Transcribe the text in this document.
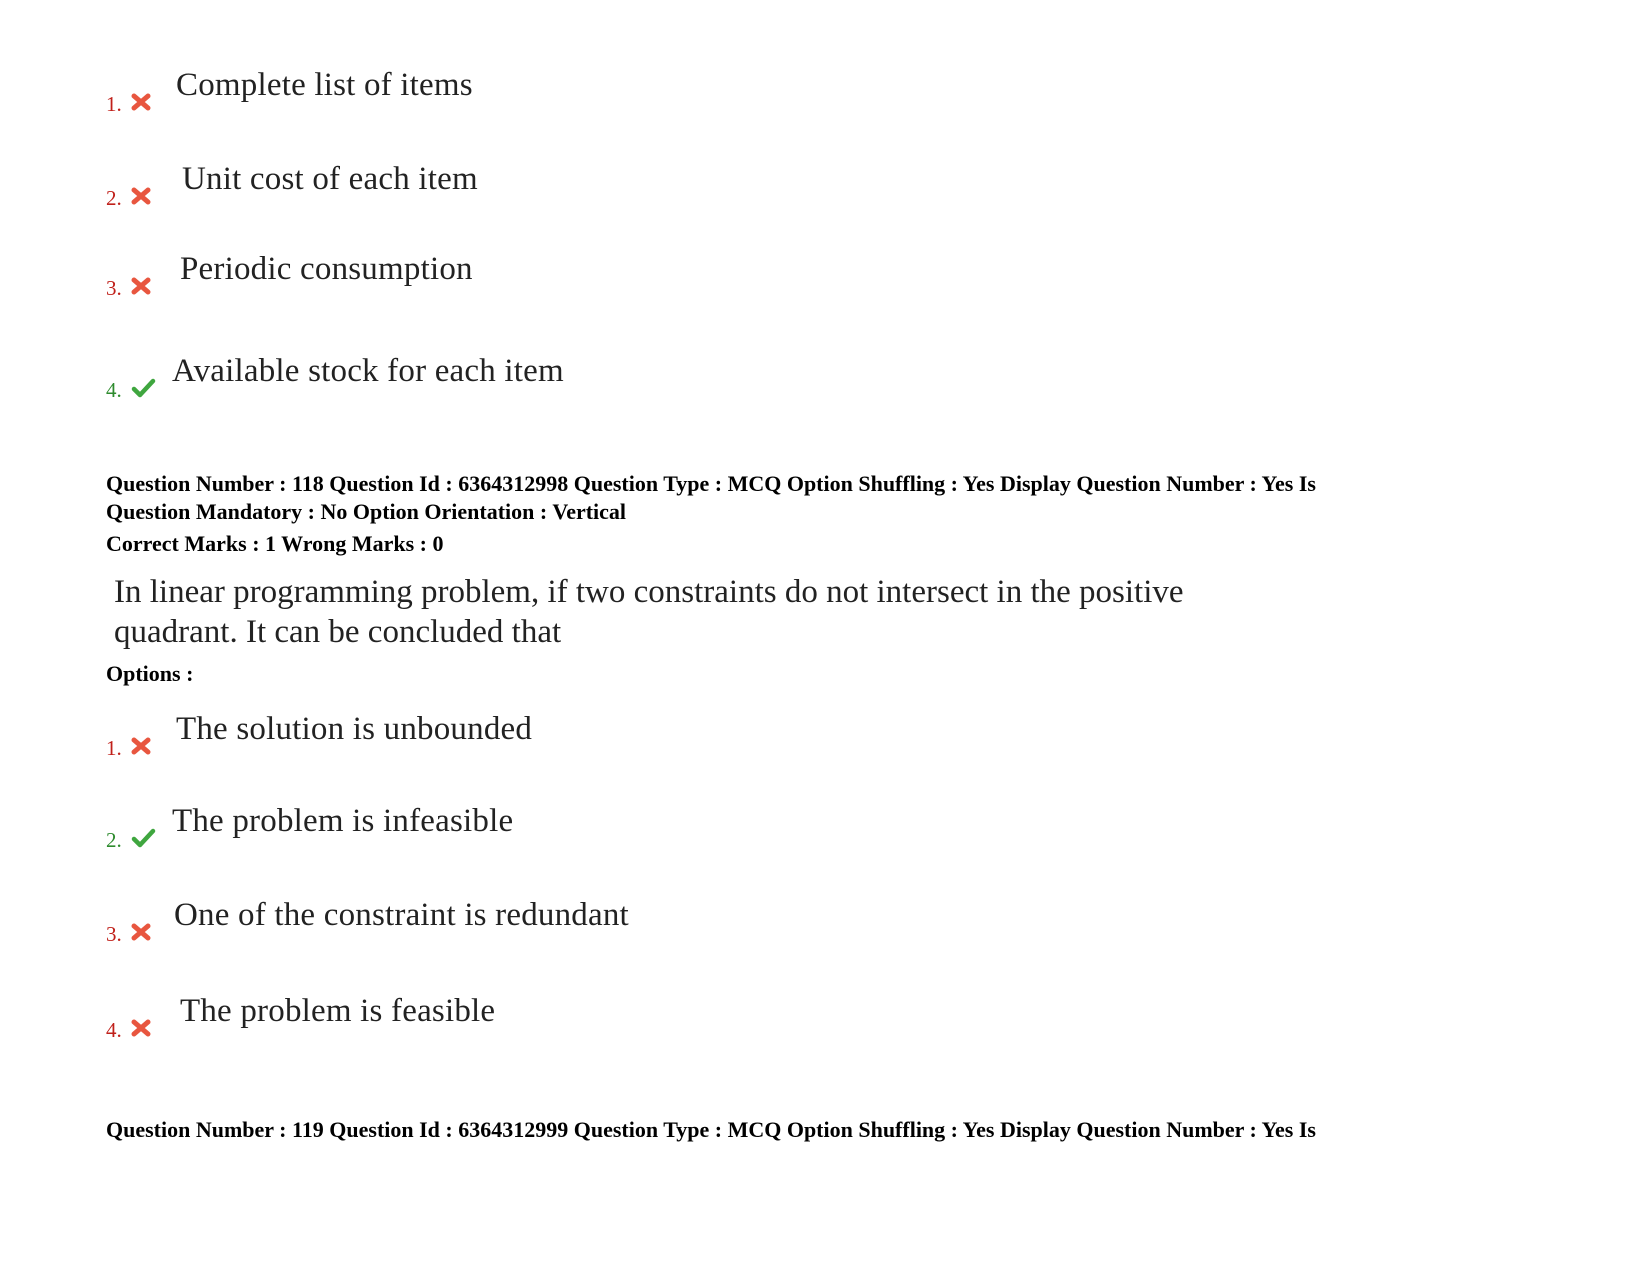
1.
Complete list of items
2.
Unit cost of each item
3.
Periodic consumption
4.
Available stock for each item
Question Number : 118 Question Id : 6364312998 Question Type : MCQ Option Shuffling : Yes Display Question Number : Yes Is
Question Mandatory : No Option Orientation : Vertical
Correct Marks : 1 Wrong Marks : 0
In linear programming problem, if two constraints do not intersect in the positive
quadrant. It can be concluded that
Options :
1.
The solution is unbounded
2.
The problem is infeasible
3.
One of the constraint is redundant
4.
The problem is feasible
Question Number : 119 Question Id : 6364312999 Question Type : MCQ Option Shuffling : Yes Display Question Number : Yes Is
